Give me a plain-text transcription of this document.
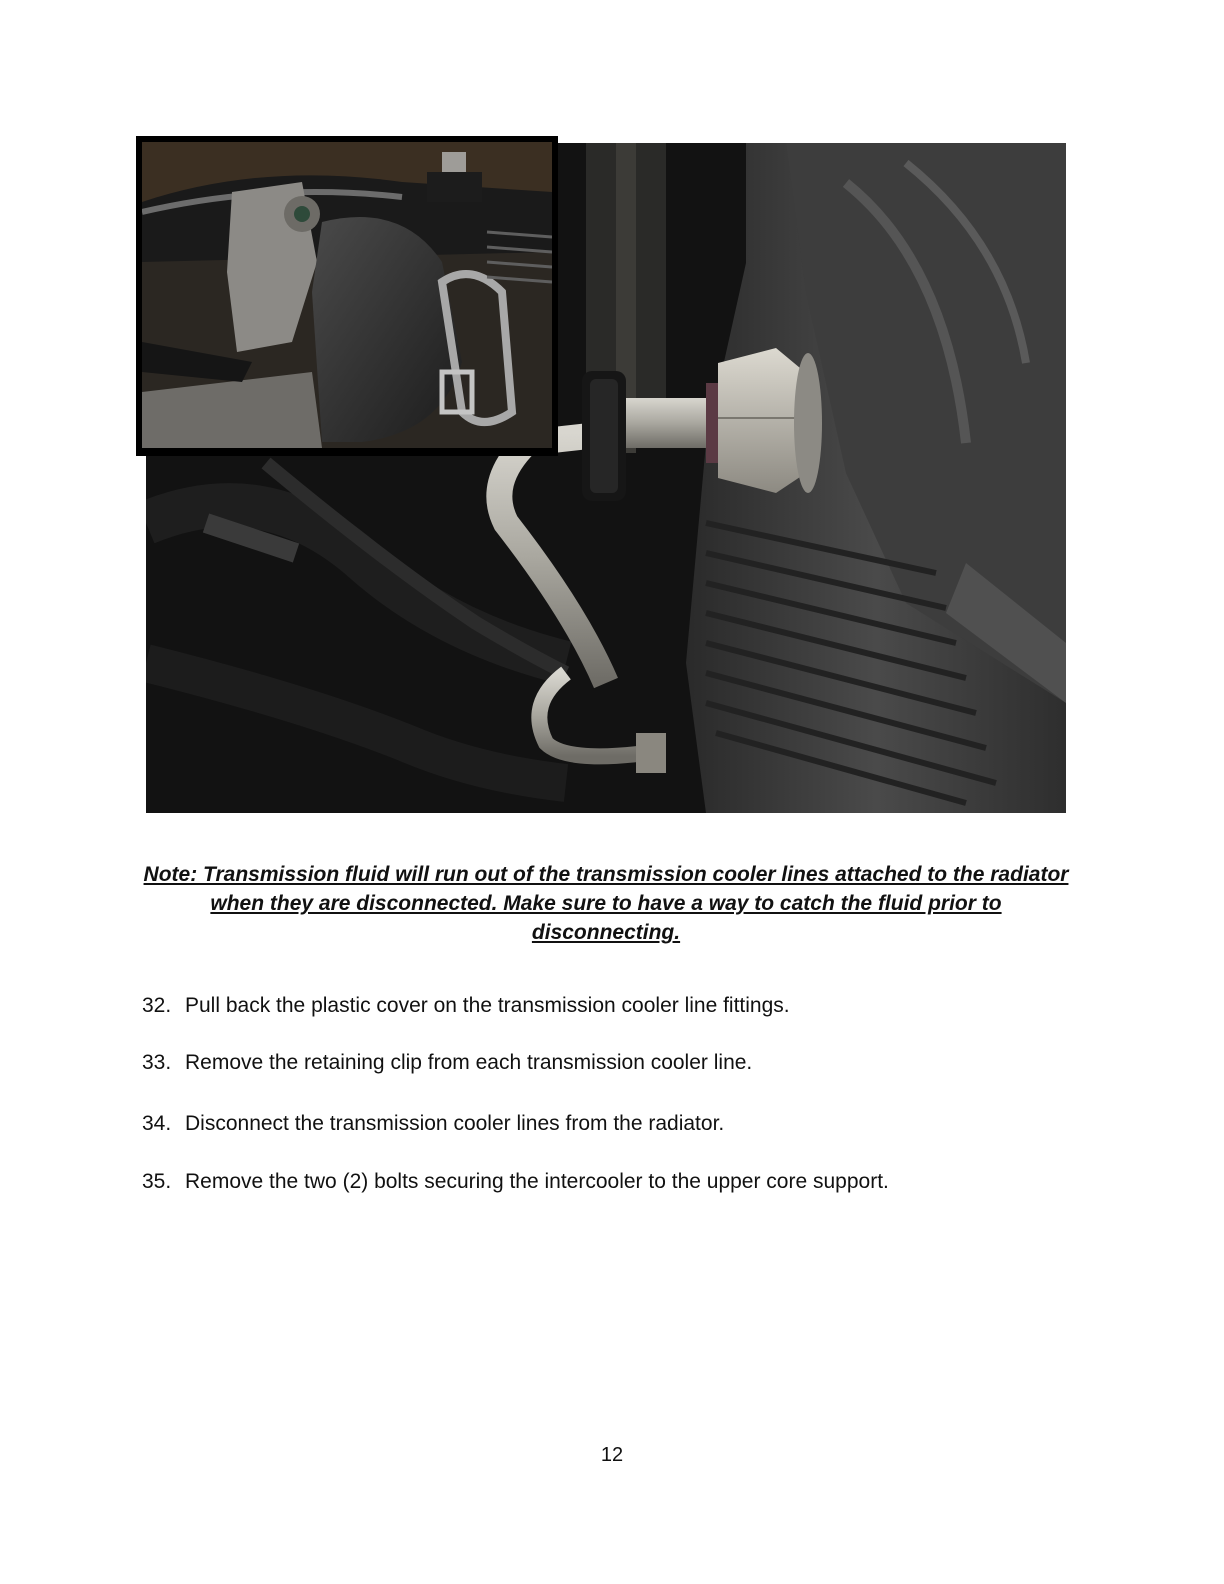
Note: Transmission fluid will run out of the transmission cooler lines attached to the radiator when they are disconnected. Make sure to have a way to catch the fluid prior to disconnecting.
32. Pull back the plastic cover on the transmission cooler line fittings.
33. Remove the retaining clip from each transmission cooler line.
34. Disconnect the transmission cooler lines from the radiator.
35. Remove the two (2) bolts securing the intercooler to the upper core support.
12
